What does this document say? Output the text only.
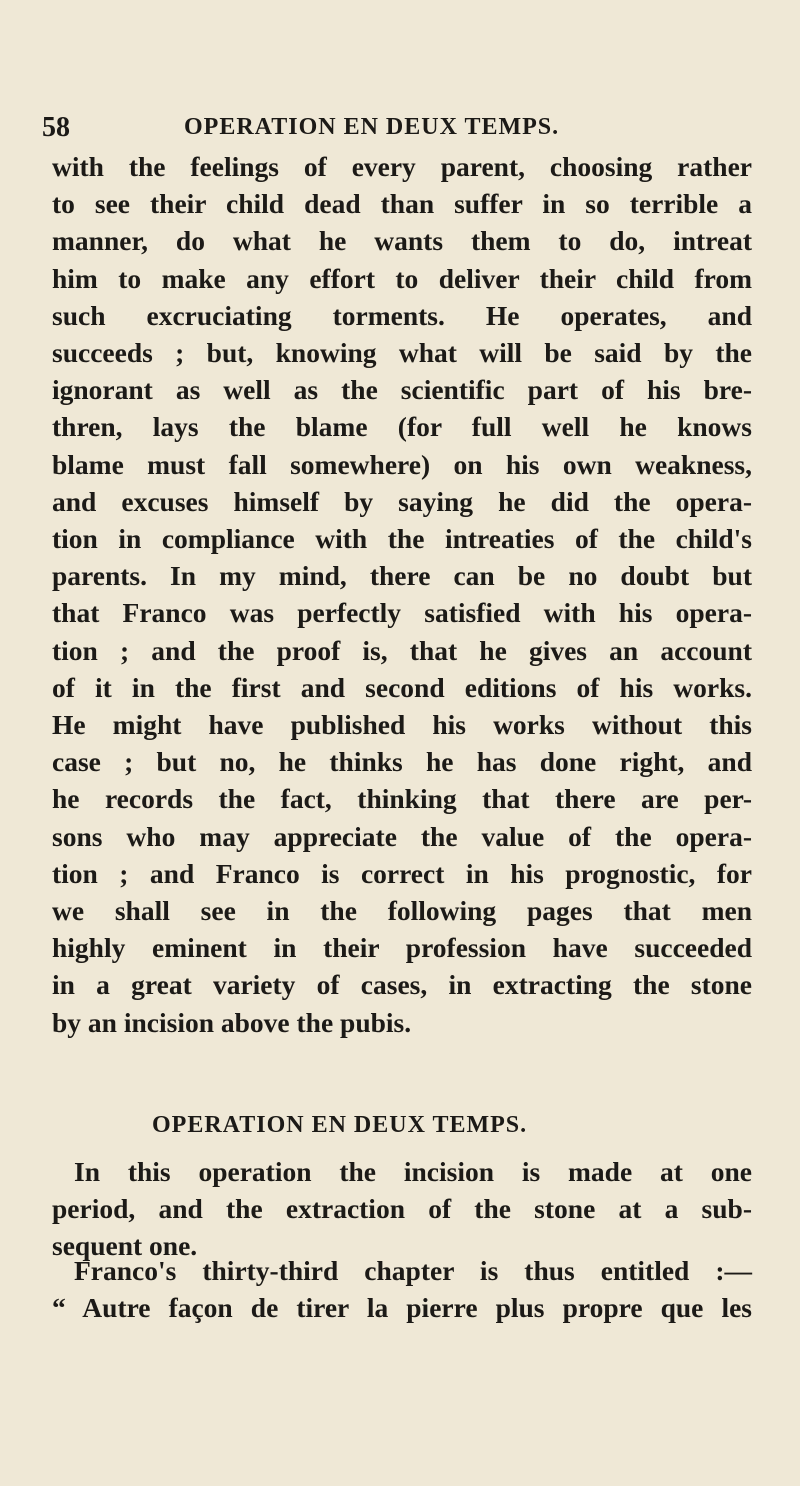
58	OPERATION EN DEUX TEMPS.
with the feelings of every parent, choosing rather
to see their child dead than suffer in so terrible a
manner, do what he wants them to do, intreat
him to make any effort to deliver their child from
such excruciating torments. He operates, and
succeeds ; but, knowing what will be said by the
ignorant as well as the scientific part of his bre-
thren, lays the blame (for full well he knows
blame must fall somewhere) on his own weakness,
and excuses himself by saying he did the opera-
tion in compliance with the intreaties of the child's
parents. In my mind, there can be no doubt but
that Franco was perfectly satisfied with his opera-
tion ; and the proof is, that he gives an account
of it in the first and second editions of his works.
He might have published his works without this
case ; but no, he thinks he has done right, and
he records the fact, thinking that there are per-
sons who may appreciate the value of the opera-
tion ; and Franco is correct in his prognostic, for
we shall see in the following pages that men
highly eminent in their profession have succeeded
in a great variety of cases, in extracting the stone
by an incision above the pubis.
OPERATION EN DEUX TEMPS.
In this operation the incision is made at one
period, and the extraction of the stone at a sub-
sequent one.
Franco's thirty-third chapter is thus entitled :—
“ Autre façon de tirer la pierre plus propre que les
